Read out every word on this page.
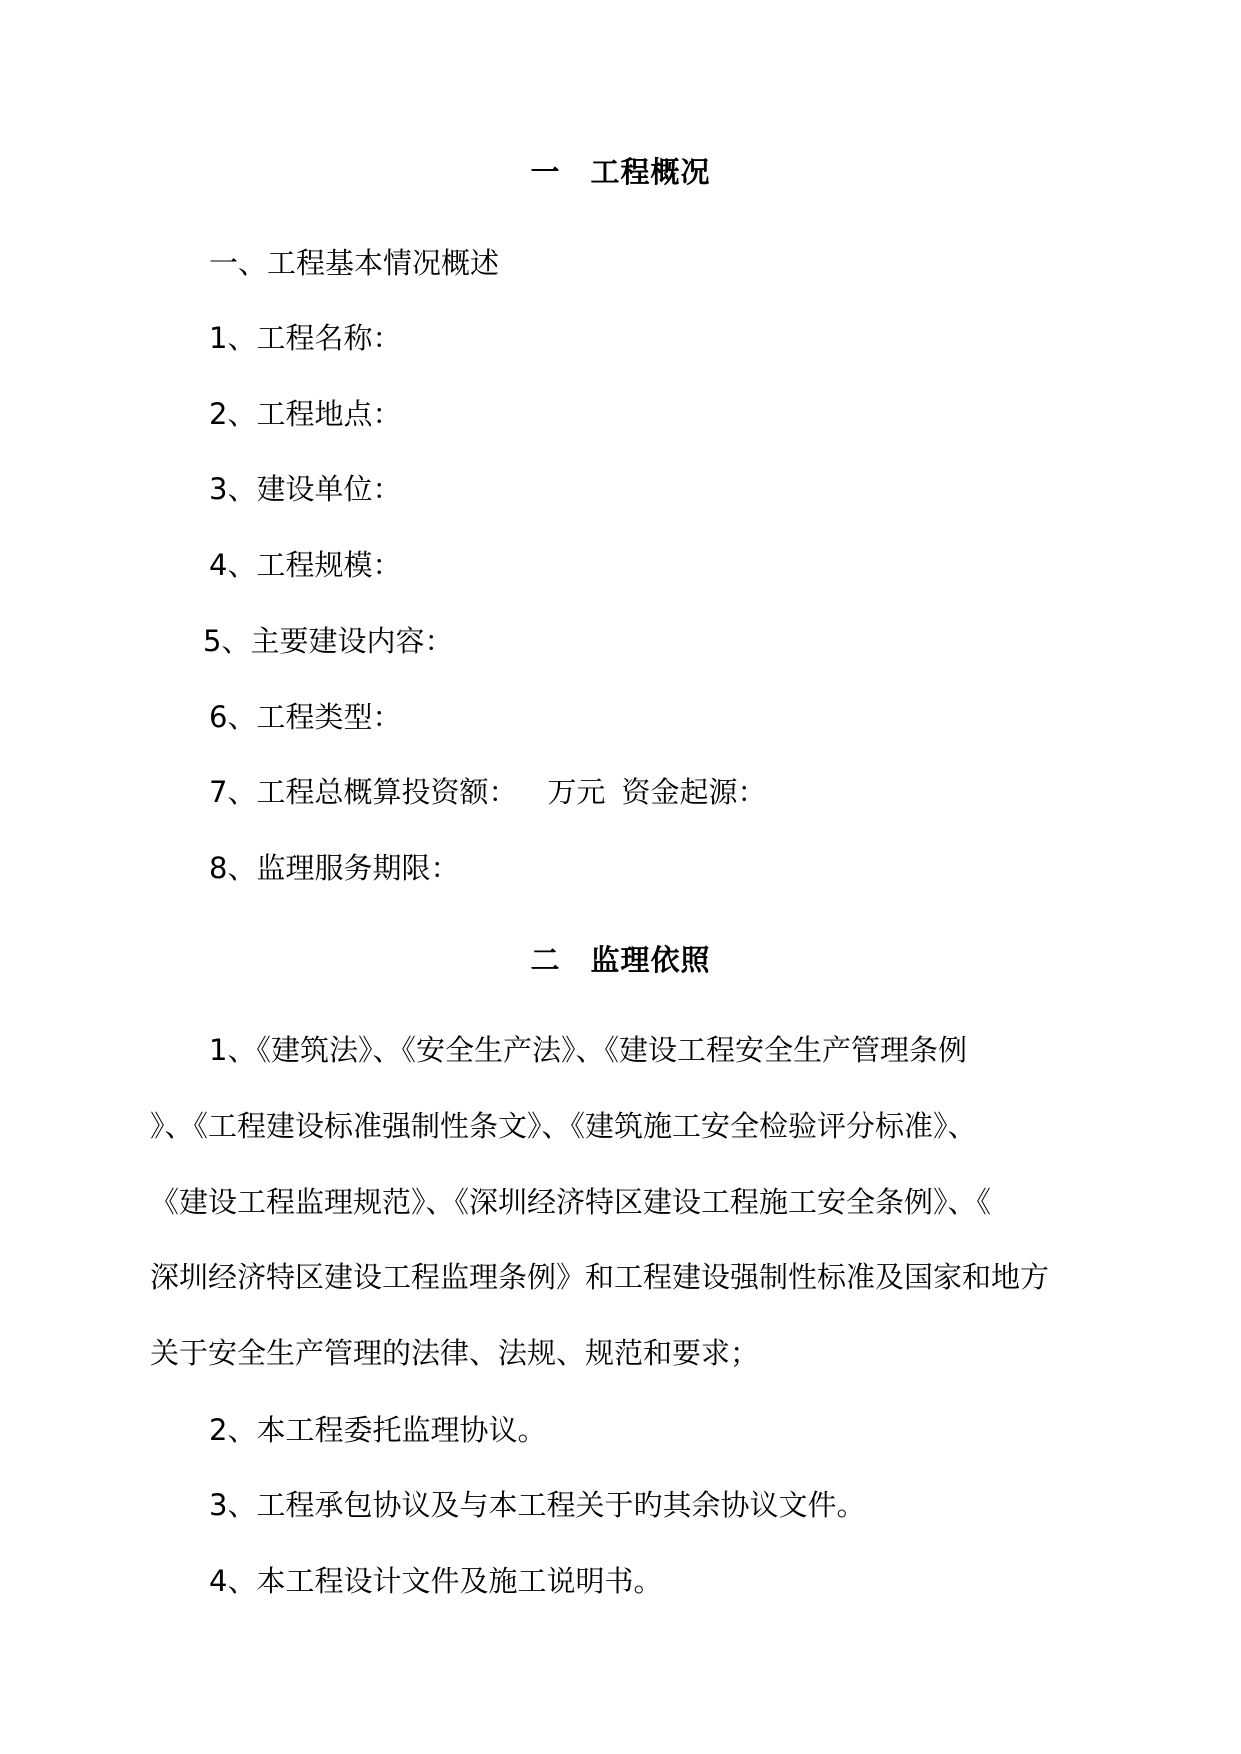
一　工程概况
一、工程基本情况概述
1、工程名称：
2、工程地点：
3、建设单位：
4、工程规模：
5、主要建设内容：
6、工程类型：
7、工程总概算投资额： 万元 资金起源：
8、监理服务期限：
二　监理依照
1、《建筑法》、《安全生产法》、《建设工程安全生产管理条例
》、《工程建设标准强制性条文》、《建筑施工安全检验评分标准》、
《建设工程监理规范》、《深圳经济特区建设工程施工安全条例》、《
深圳经济特区建设工程监理条例》和工程建设强制性标准及国家和地方
关于安全生产管理的法律、法规、规范和要求；
2、本工程委托监理协议。
3、工程承包协议及与本工程关于旳其余协议文件。
4、本工程设计文件及施工说明书。
